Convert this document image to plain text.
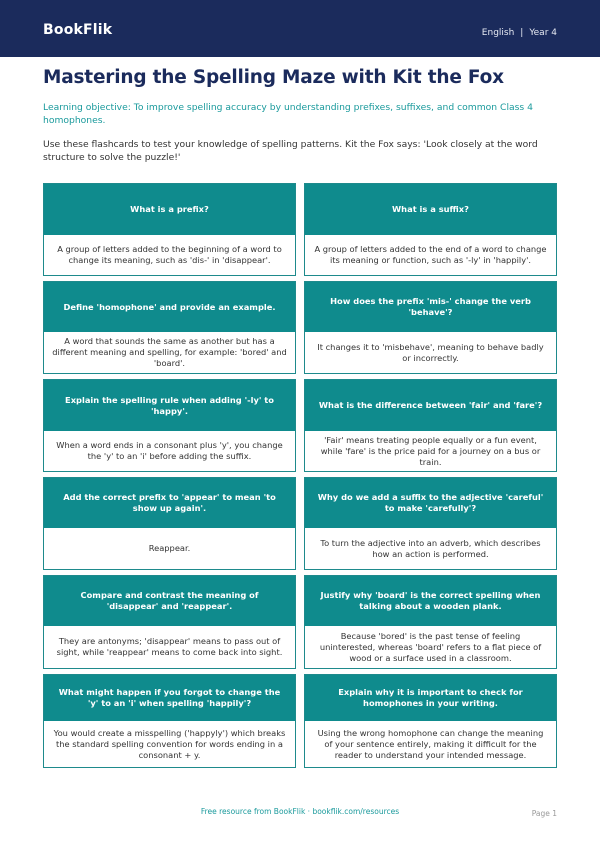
BookFlik	English | Year 4
Mastering the Spelling Maze with Kit the Fox
Learning objective: To improve spelling accuracy by understanding prefixes, suffixes, and common Class 4 homophones.
Use these flashcards to test your knowledge of spelling patterns. Kit the Fox says: 'Look closely at the word structure to solve the puzzle!'
What is a prefix?
A group of letters added to the beginning of a word to change its meaning, such as 'dis-' in 'disappear'.
What is a suffix?
A group of letters added to the end of a word to change its meaning or function, such as '-ly' in 'happily'.
Define 'homophone' and provide an example.
A word that sounds the same as another but has a different meaning and spelling, for example: 'bored' and 'board'.
How does the prefix 'mis-' change the verb 'behave'?
It changes it to 'misbehave', meaning to behave badly or incorrectly.
Explain the spelling rule when adding '-ly' to 'happy'.
When a word ends in a consonant plus 'y', you change the 'y' to an 'i' before adding the suffix.
What is the difference between 'fair' and 'fare'?
'Fair' means treating people equally or a fun event, while 'fare' is the price paid for a journey on a bus or train.
Add the correct prefix to 'appear' to mean 'to show up again'.
Reappear.
Why do we add a suffix to the adjective 'careful' to make 'carefully'?
To turn the adjective into an adverb, which describes how an action is performed.
Compare and contrast the meaning of 'disappear' and 'reappear'.
They are antonyms; 'disappear' means to pass out of sight, while 'reappear' means to come back into sight.
Justify why 'board' is the correct spelling when talking about a wooden plank.
Because 'bored' is the past tense of feeling uninterested, whereas 'board' refers to a flat piece of wood or a surface used in a classroom.
What might happen if you forgot to change the 'y' to an 'i' when spelling 'happily'?
You would create a misspelling ('happyly') which breaks the standard spelling convention for words ending in a consonant + y.
Explain why it is important to check for homophones in your writing.
Using the wrong homophone can change the meaning of your sentence entirely, making it difficult for the reader to understand your intended message.
Free resource from BookFlik · bookflik.com/resources	Page 1
